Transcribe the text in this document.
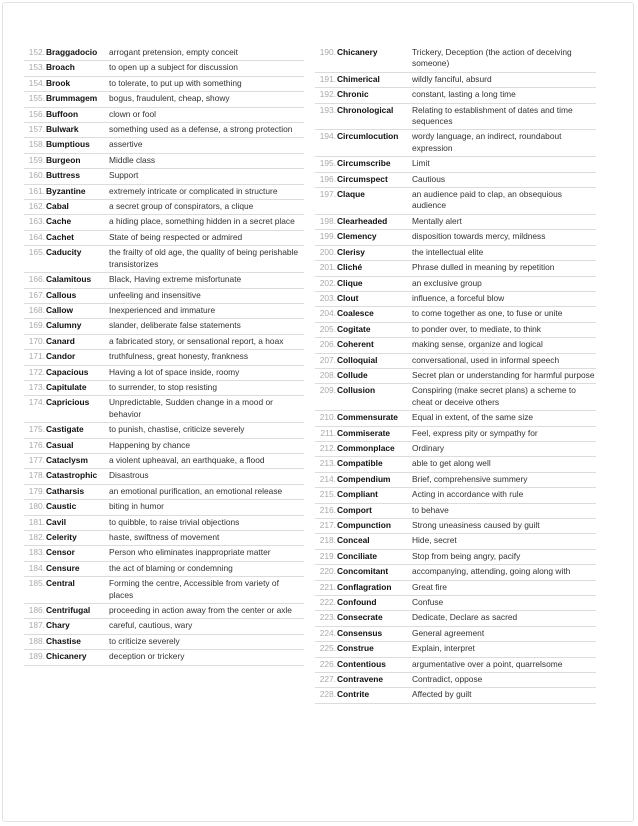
152.	Braggadocio	arrogant pretension, empty conceit
153.	Broach	to open up a subject for discussion
154.	Brook	to tolerate, to put up with something
155.	Brummagem	bogus, fraudulent, cheap, showy
156.	Buffoon	clown or fool
157.	Bulwark	something used as a defense, a strong protection
158.	Bumptious	assertive
159.	Burgeon	Middle class
160.	Buttress	Support
161.	Byzantine	extremely intricate or complicated in structure
162.	Cabal	a secret group of conspirators, a clique
163.	Cache	a hiding place, something hidden in a secret place
164.	Cachet	State of being respected or admired
165.	Caducity	the frailty of old age, the quality of being perishable transistorizes
166.	Calamitous	Black, Having extreme misfortunate
167.	Callous	unfeeling and insensitive
168.	Callow	Inexperienced and immature
169.	Calumny	slander, deliberate false statements
170.	Canard	a fabricated story, or sensational report, a hoax
171.	Candor	truthfulness, great honesty, frankness
172.	Capacious	Having a lot of space inside, roomy
173.	Capitulate	to surrender, to stop resisting
174.	Capricious	Unpredictable, Sudden change in a mood or behavior
175.	Castigate	to punish, chastise, criticize severely
176.	Casual	Happening by chance
177.	Cataclysm	a violent upheaval, an earthquake, a flood
178.	Catastrophic	Disastrous
179.	Catharsis	an emotional purification, an emotional release
180.	Caustic	biting in humor
181.	Cavil	to quibble, to raise trivial objections
182.	Celerity	haste, swiftness of movement
183.	Censor	Person who eliminates inappropriate matter
184.	Censure	the act of blaming or condemning
185.	Central	Forming the centre, Accessible from variety of places
186.	Centrifugal	proceeding in action away from the center or axle
187.	Chary	careful, cautious, wary
188.	Chastise	to criticize severely
189.	Chicanery	deception or trickery
190.	Chicanery	Trickery, Deception (the action of deceiving someone)
191.	Chimerical	wildly fanciful, absurd
192.	Chronic	constant, lasting a long time
193.	Chronological	Relating to establishment of dates and time sequences
194.	Circumlocution	wordy language, an indirect, roundabout expression
195.	Circumscribe	Limit
196.	Circumspect	Cautious
197.	Claque	an audience paid to clap, an obsequious audience
198.	Clearheaded	Mentally alert
199.	Clemency	disposition towards mercy, mildness
200.	Clerisy	the intellectual elite
201.	Cliché	Phrase dulled in meaning by repetition
202.	Clique	an exclusive group
203.	Clout	influence, a forceful blow
204.	Coalesce	to come together as one, to fuse or unite
205.	Cogitate	to ponder over, to mediate, to think
206.	Coherent	making sense, organize and logical
207.	Colloquial	conversational, used in informal speech
208.	Collude	Secret plan or understanding for harmful purpose
209.	Collusion	Conspiring (make secret plans) a scheme to cheat or deceive others
210.	Commensurate	Equal in extent, of the same size
211.	Commiserate	Feel, express pity or sympathy for
212.	Commonplace	Ordinary
213.	Compatible	able to get along well
214.	Compendium	Brief, comprehensive summery
215.	Compliant	Acting in accordance with rule
216.	Comport	to behave
217.	Compunction	Strong uneasiness caused by guilt
218.	Conceal	Hide, secret
219.	Conciliate	Stop from being angry, pacify
220.	Concomitant	accompanying, attending, going along with
221.	Conflagration	Great fire
222.	Confound	Confuse
223.	Consecrate	Dedicate, Declare as sacred
224.	Consensus	General agreement
225.	Construe	Explain, interpret
226.	Contentious	argumentative over a point, quarrelsome
227.	Contravene	Contradict, oppose
228.	Contrite	Affected by guilt
